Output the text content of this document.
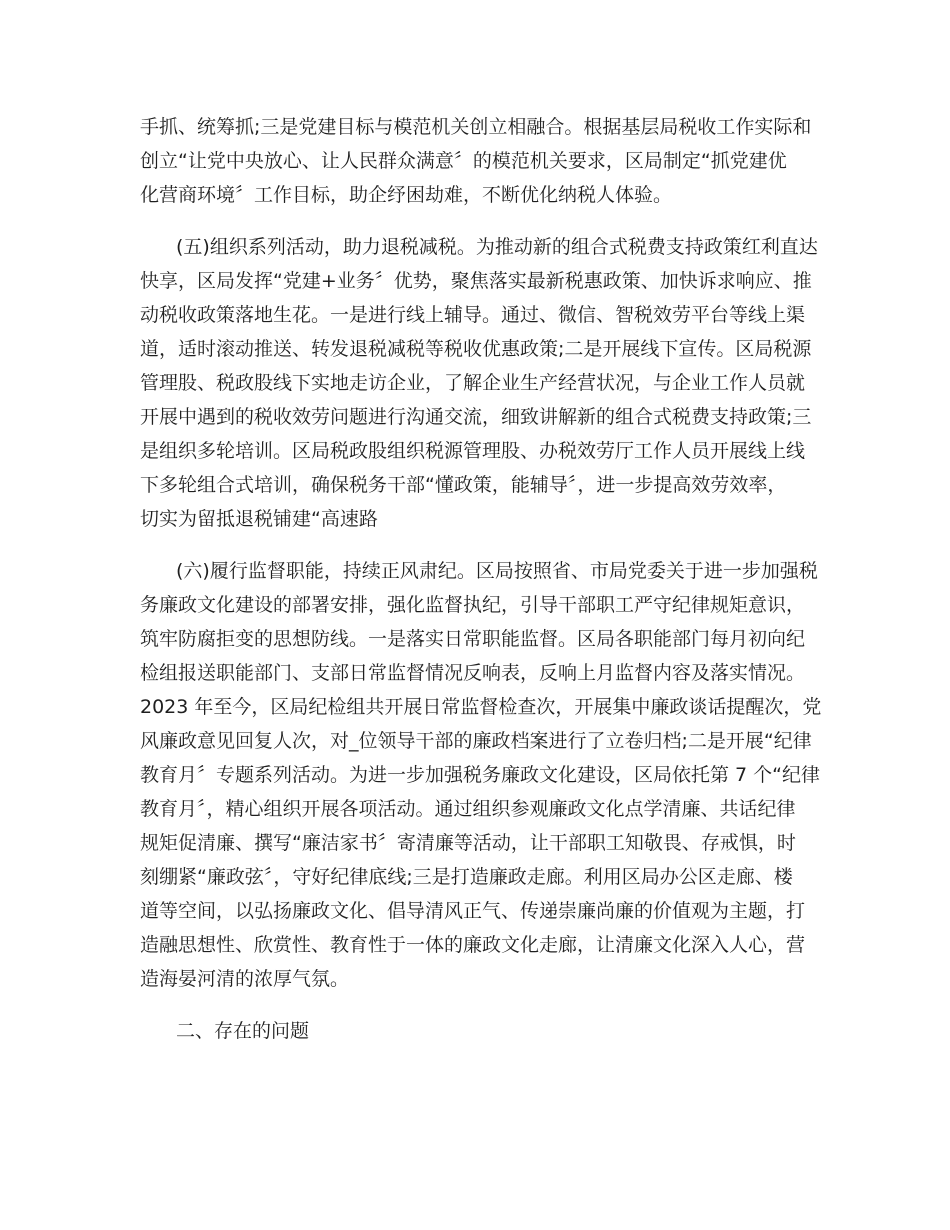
手抓、统筹抓;三是党建目标与模范机关创立相融合。根据基层局税收工作实际和
创立“让党中央放心、让人民群众满意〞的模范机关要求，区局制定“抓党建优
化营商环境〞工作目标，助企纾困劫难，不断优化纳税人体验。
(五)组织系列活动，助力退税减税。为推动新的组合式税费支持政策红利直达
快享，区局发挥“党建+业务〞优势，聚焦落实最新税惠政策、加快诉求响应、推
动税收政策落地生花。一是进行线上辅导。通过、微信、智税效劳平台等线上渠
道，适时滚动推送、转发退税减税等税收优惠政策;二是开展线下宣传。区局税源
管理股、税政股线下实地走访企业，了解企业生产经营状况，与企业工作人员就
开展中遇到的税收效劳问题进行沟通交流，细致讲解新的组合式税费支持政策;三
是组织多轮培训。区局税政股组织税源管理股、办税效劳厅工作人员开展线上线
下多轮组合式培训，确保税务干部“懂政策，能辅导〞，进一步提高效劳效率，
切实为留抵退税铺建“高速路
(六)履行监督职能，持续正风肃纪。区局按照省、市局党委关于进一步加强税
务廉政文化建设的部署安排，强化监督执纪，引导干部职工严守纪律规矩意识，
筑牢防腐拒变的思想防线。一是落实日常职能监督。区局各职能部门每月初向纪
检组报送职能部门、支部日常监督情况反响表，反响上月监督内容及落实情况。
2023 年至今，区局纪检组共开展日常监督检查次，开展集中廉政谈话提醒次，党
风廉政意见回复人次，对_位领导干部的廉政档案进行了立卷归档;二是开展“纪律
教育月〞专题系列活动。为进一步加强税务廉政文化建设，区局依托第 7 个“纪律
教育月〞，精心组织开展各项活动。通过组织参观廉政文化点学清廉、共话纪律
规矩促清廉、撰写“廉洁家书〞寄清廉等活动，让干部职工知敬畏、存戒惧，时
刻绷紧“廉政弦〞，守好纪律底线;三是打造廉政走廊。利用区局办公区走廊、楼
道等空间，以弘扬廉政文化、倡导清风正气、传递崇廉尚廉的价值观为主题，打
造融思想性、欣赏性、教育性于一体的廉政文化走廊，让清廉文化深入人心，营
造海晏河清的浓厚气氛。
二、存在的问题
